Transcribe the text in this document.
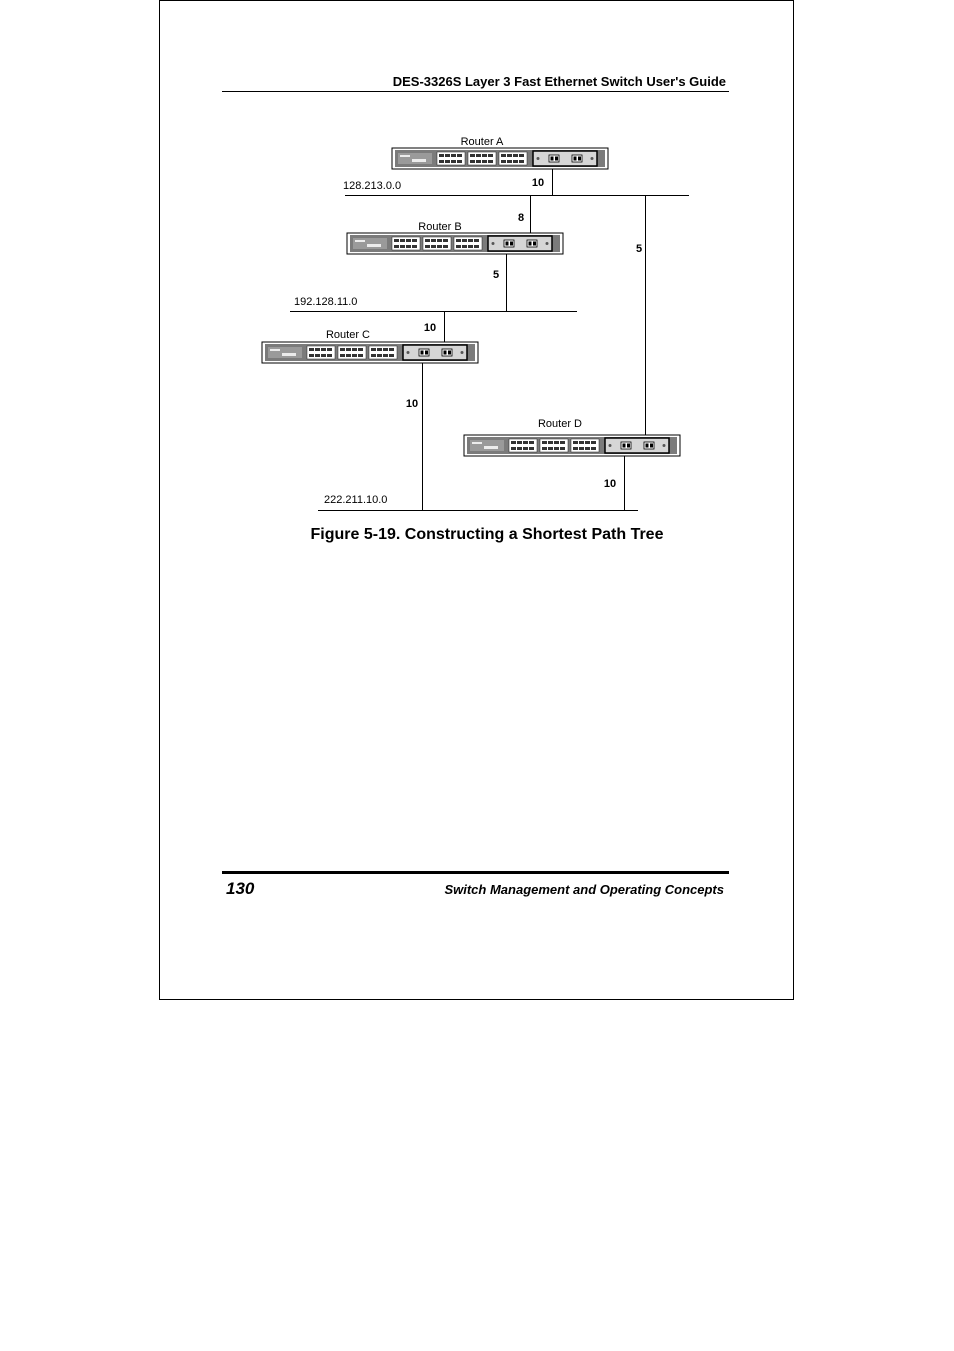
DES-3326S Layer 3 Fast Ethernet Switch User's Guide
Router A
Router B
Router C
Router D
128.213.0.0
192.128.11.0
222.211.10.0
10
8
5
5
10
10
10
Figure 5-19. Constructing a Shortest Path Tree
130	Switch Management and Operating Concepts
